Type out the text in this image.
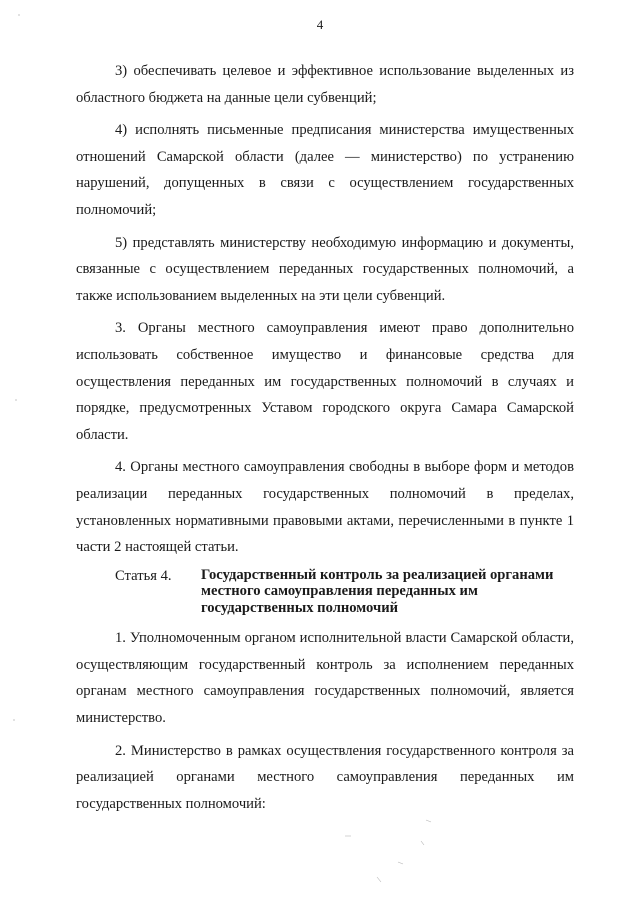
4

3) обеспечивать целевое и эффективное использование выделенных из областного бюджета на данные цели субвенций;

4) исполнять письменные предписания министерства имущественных отношений Самарской области (далее — министерство) по устранению нарушений, допущенных в связи с осуществлением государственных полномочий;

5) представлять министерству необходимую информацию и документы, связанные с осуществлением переданных государственных полномочий, а также использованием выделенных на эти цели субвенций.

3. Органы местного самоуправления имеют право дополнительно использовать собственное имущество и финансовые средства для осуществления переданных им государственных полномочий в случаях и порядке, предусмотренных Уставом городского округа Самара Самарской области.

4. Органы местного самоуправления свободны в выборе форм и методов реализации переданных государственных полномочий в пределах, установленных нормативными правовыми актами, перечисленными в пункте 1 части 2 настоящей статьи.

Статья 4.	Государственный контроль за реализацией органами местного самоуправления переданных им государственных полномочий

1. Уполномоченным органом исполнительной власти Самарской области, осуществляющим государственный контроль за исполнением переданных органам местного самоуправления государственных полномочий, является министерство.

2. Министерство в рамках осуществления государственного контроля за реализацией органами местного самоуправления переданных им государственных полномочий:
